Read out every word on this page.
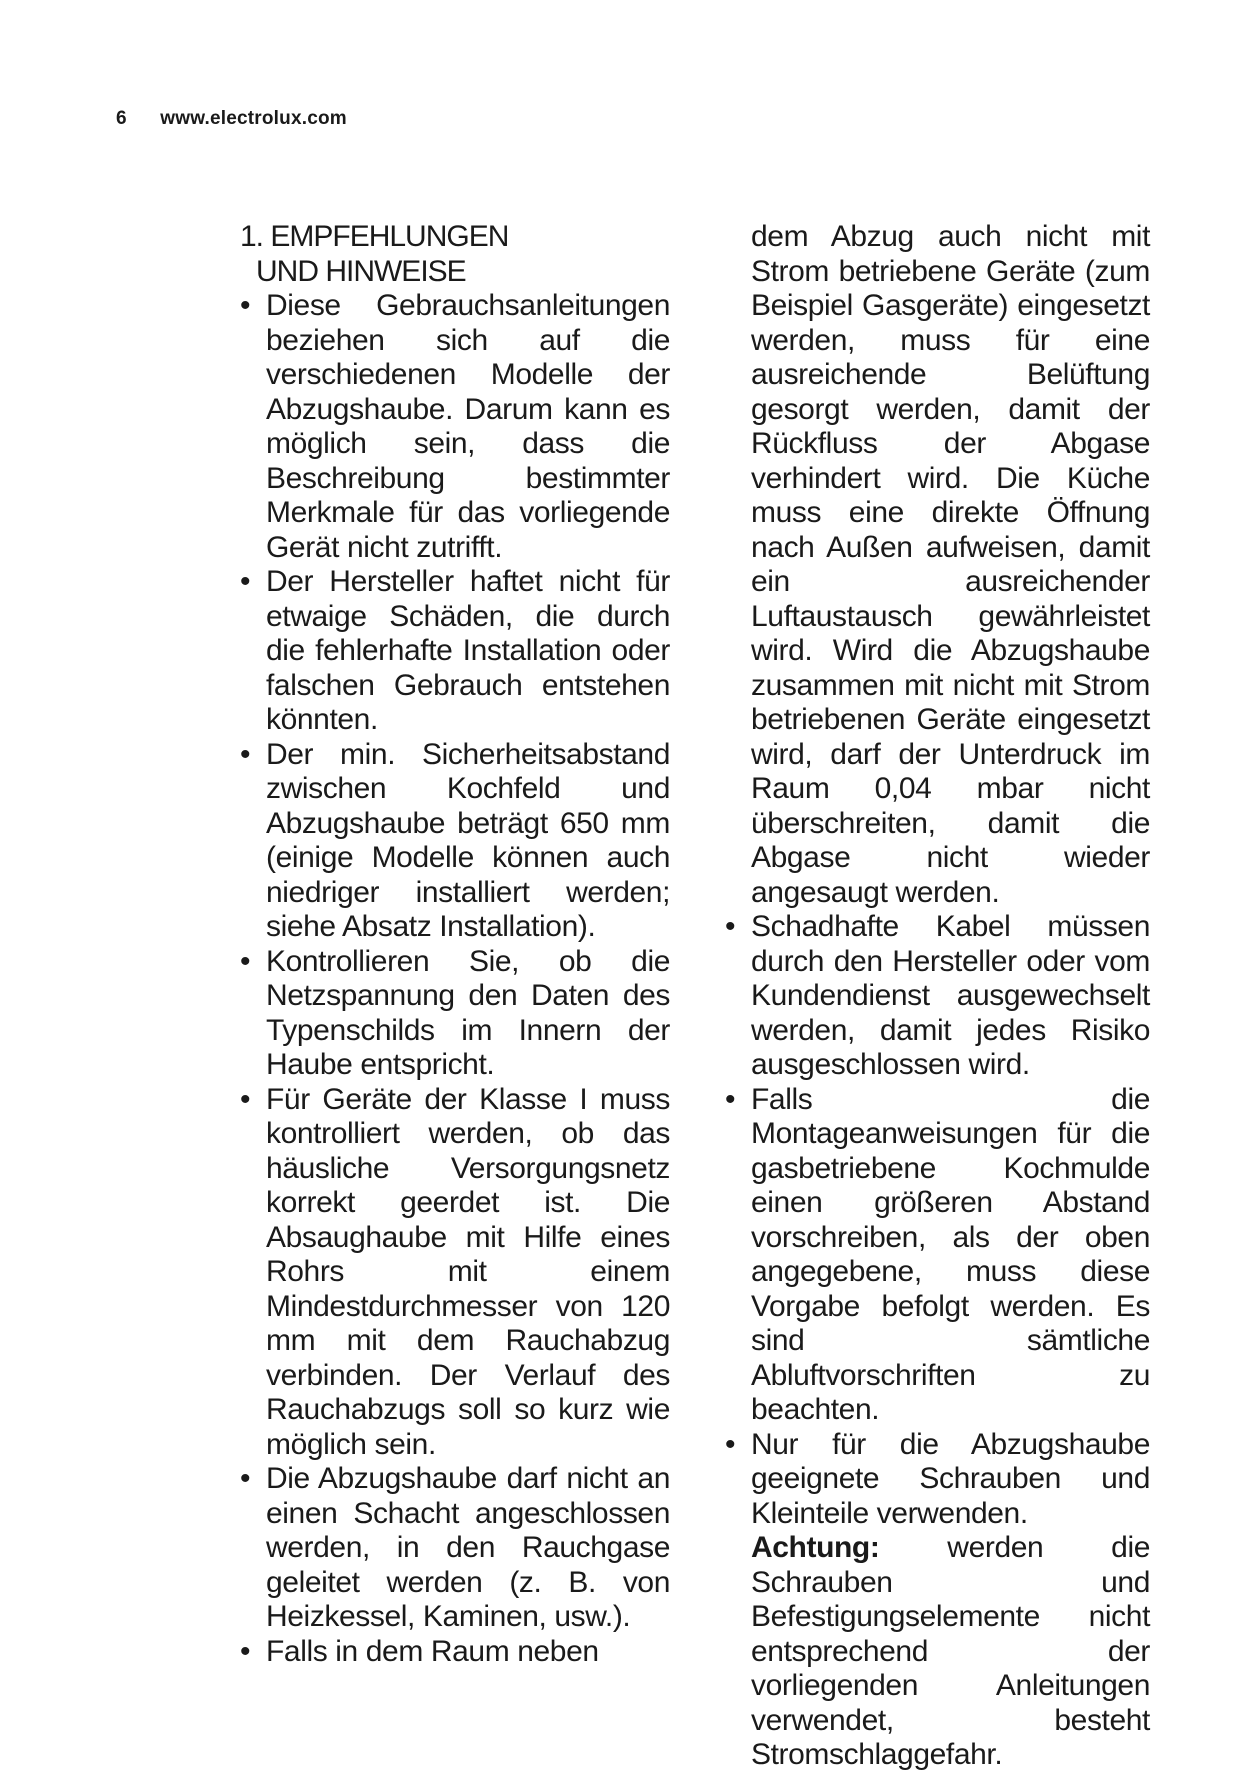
6 www.electrolux.com
1. EMPFEHLUNGEN
UND HINWEISE
• Diese Gebrauchsanleitungen beziehen sich auf die verschiedenen Modelle der Abzugshaube. Darum kann es möglich sein, dass die Beschreibung bestimmter Merkmale für das vorliegende Gerät nicht zutrifft.
• Der Hersteller haftet nicht für etwaige Schäden, die durch die fehlerhafte Installation oder falschen Gebrauch entstehen könnten.
• Der min. Sicherheitsabstand zwischen Kochfeld und Abzugshaube beträgt 650 mm (einige Modelle können auch niedriger installiert werden; siehe Absatz Installation).
• Kontrollieren Sie, ob die Netzspannung den Daten des Typenschilds im Innern der Haube entspricht.
• Für Geräte der Klasse I muss kontrolliert werden, ob das häusliche Versorgungsnetz korrekt geerdet ist. Die Absaughaube mit Hilfe eines Rohrs mit einem Mindestdurchmesser von 120 mm mit dem Rauchabzug verbinden. Der Verlauf des Rauchabzugs soll so kurz wie möglich sein.
• Die Abzugshaube darf nicht an einen Schacht angeschlossen werden, in den Rauchgase geleitet werden (z. B. von Heizkessel, Kaminen, usw.).
• Falls in dem Raum neben

dem Abzug auch nicht mit Strom betriebene Geräte (zum Beispiel Gasgeräte) eingesetzt werden, muss für eine ausreichende Belüftung gesorgt werden, damit der Rückfluss der Abgase verhindert wird. Die Küche muss eine direkte Öffnung nach Außen aufweisen, damit ein ausreichender Luftaustausch gewährleistet wird. Wird die Abzugshaube zusammen mit nicht mit Strom betriebenen Geräte eingesetzt wird, darf der Unterdruck im Raum 0,04 mbar nicht überschreiten, damit die Abgase nicht wieder angesaugt werden.

• Schadhafte Kabel müssen durch den Hersteller oder vom Kundendienst ausgewechselt werden, damit jedes Risiko ausgeschlossen wird.
• Falls die Montageanweisungen für die gasbetriebene Kochmulde einen größeren Abstand vorschreiben, als der oben angegebene, muss diese Vorgabe befolgt werden. Es sind sämtliche Abluftvorschriften zu beachten.
• Nur für die Abzugshaube geeignete Schrauben und Kleinteile verwenden.

Achtung: werden die Schrauben und Befestigungselemente nicht entsprechend der vorliegenden Anleitungen verwendet, besteht Stromschlaggefahr.
